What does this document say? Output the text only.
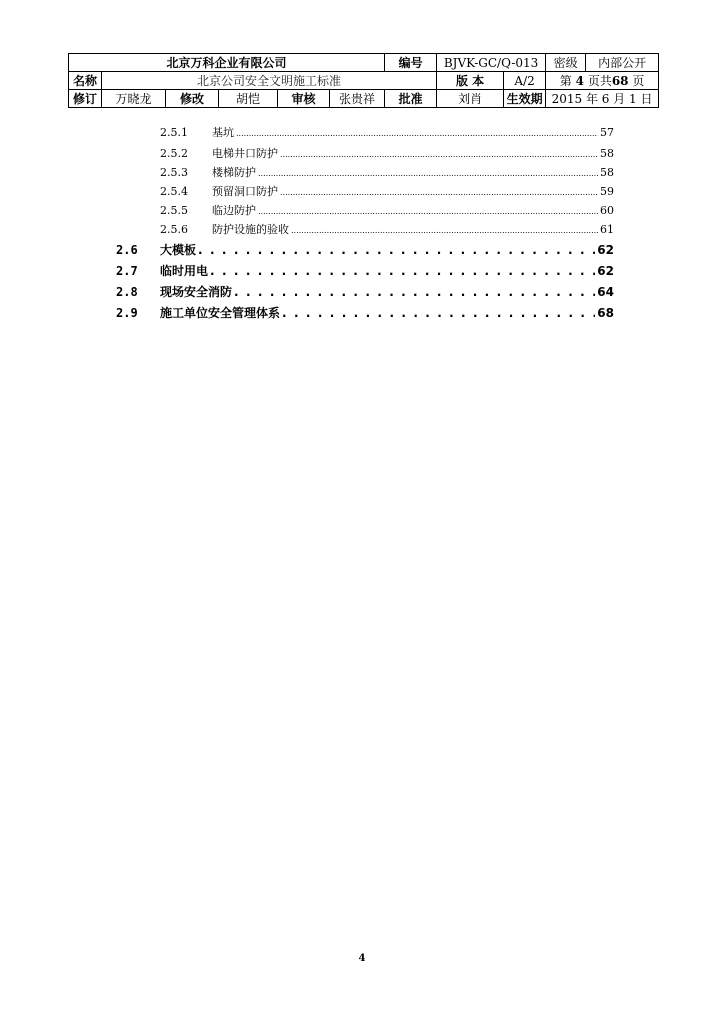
北京万科企业有限公司						编号	BJVK-GC/Q-013		密级	内部公开
名称	北京公司安全文明施工标准						版 本	A/2	第 4 页共68 页	
修订	万晓龙	修改	胡恺	审核	张贵祥	批准	刘肖	生效期	2015 年 6 月 1 日	
2.5.1	基坑 .....	57
2.5.2	电梯井口防护 .....	58
2.5.3	楼梯防护 .....	58
2.5.4	预留洞口防护 .....	59
2.5.5	临边防护 .....	60
2.5.6	防护设施的验收 .....	61
2.6	大模板 . . .	62
2.7	临时用电 . . .	62
2.8	现场安全消防 . . .	64
2.9	施工单位安全管理体系 . . .	68
4
